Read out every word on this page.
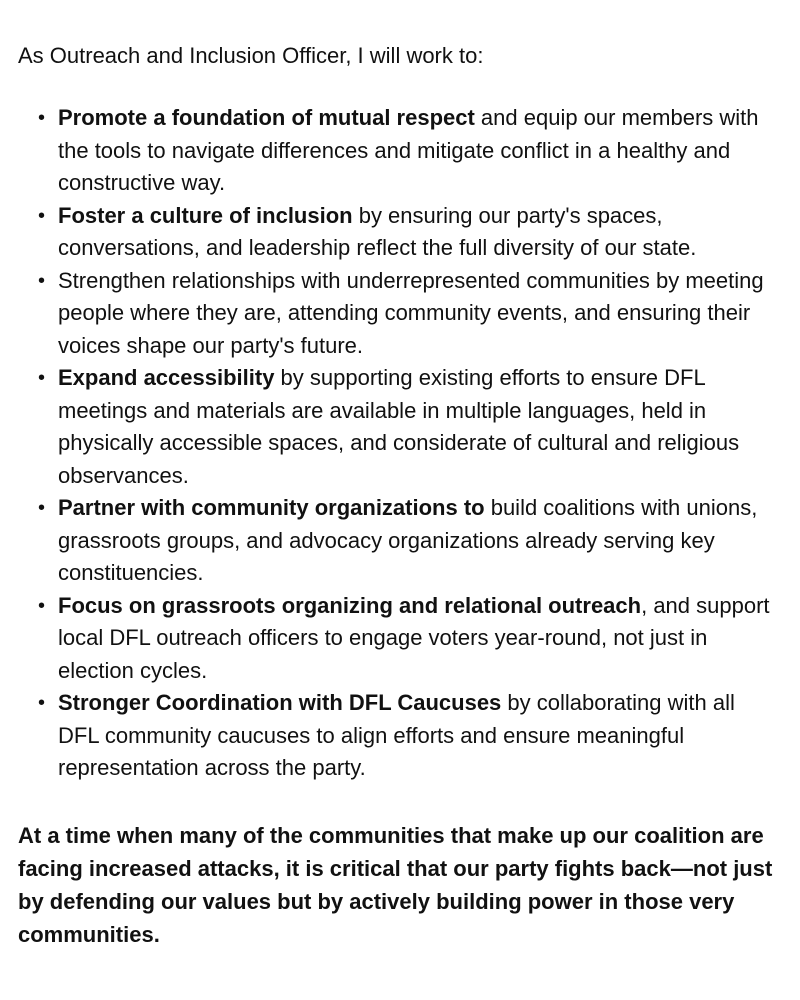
As Outreach and Inclusion Officer, I will work to:

• Promote a foundation of mutual respect and equip our members with the tools to navigate differences and mitigate conflict in a healthy and constructive way.
• Foster a culture of inclusion by ensuring our party's spaces, conversations, and leadership reflect the full diversity of our state.
• Strengthen relationships with underrepresented communities by meeting people where they are, attending community events, and ensuring their voices shape our party's future.
• Expand accessibility by supporting existing efforts to ensure DFL meetings and materials are available in multiple languages, held in physically accessible spaces, and considerate of cultural and religious observances.
• Partner with community organizations to build coalitions with unions, grassroots groups, and advocacy organizations already serving key constituencies.
• Focus on grassroots organizing and relational outreach, and support local DFL outreach officers to engage voters year-round, not just in election cycles.
• Stronger Coordination with DFL Caucuses by collaborating with all DFL community caucuses to align efforts and ensure meaningful representation across the party.

At a time when many of the communities that make up our coalition are facing increased attacks, it is critical that our party fights back—not just by defending our values but by actively building power in those very communities.
